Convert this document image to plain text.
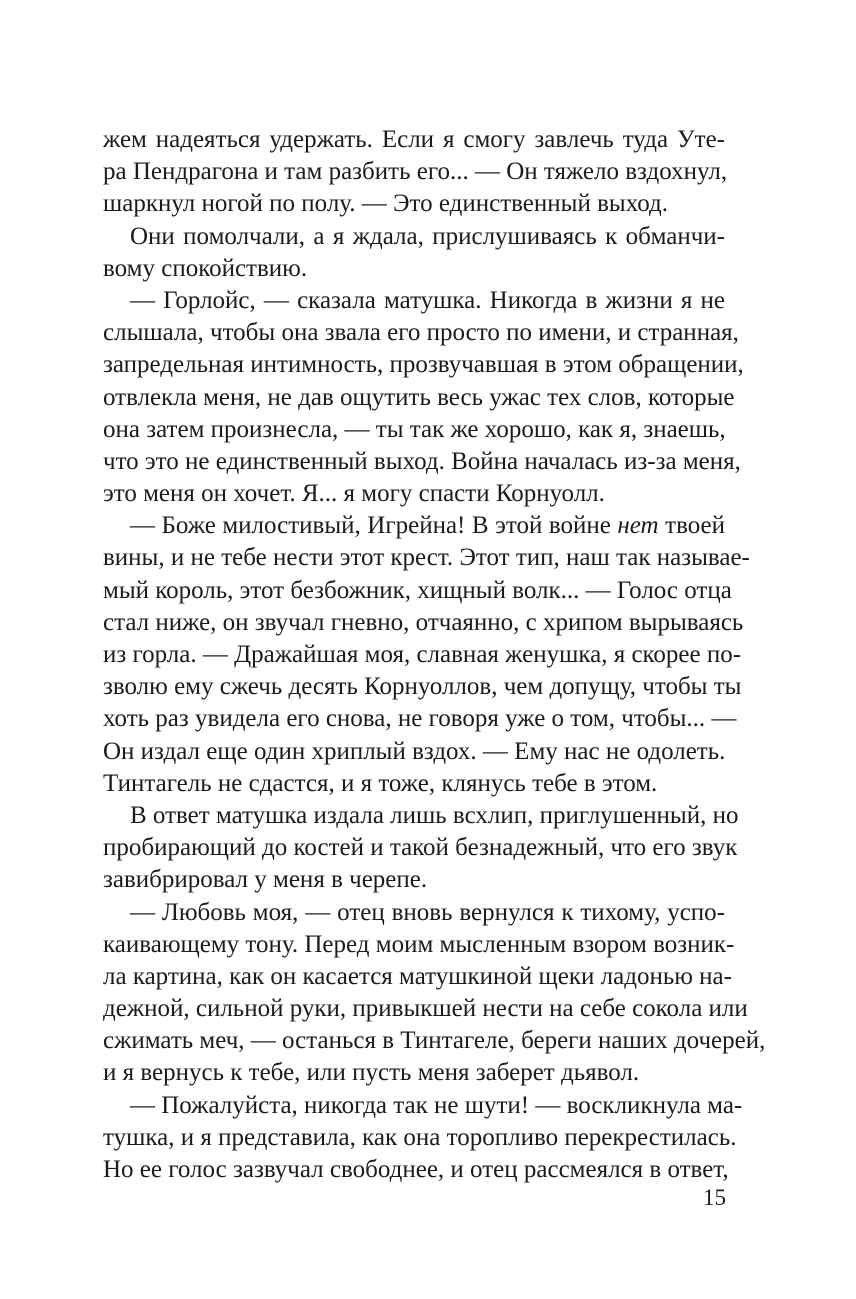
жем надеяться удержать. Если я смогу завлечь туда Уте-
ра Пендрагона и там разбить его... — Он тяжело вздохнул,
шаркнул ногой по полу. — Это единственный выход.
Они помолчали, а я ждала, прислушиваясь к обманчи-
вому спокойствию.
— Горлойс, — сказала матушка. Никогда в жизни я не
слышала, чтобы она звала его просто по имени, и странная,
запредельная интимность, прозвучавшая в этом обращении,
отвлекла меня, не дав ощутить весь ужас тех слов, которые
она затем произнесла, — ты так же хорошо, как я, знаешь,
что это не единственный выход. Война началась из-за меня,
это меня он хочет. Я... я могу спасти Корнуолл.
— Боже милостивый, Игрейна! В этой войне нет твоей
вины, и не тебе нести этот крест. Этот тип, наш так называе-
мый король, этот безбожник, хищный волк... — Голос отца
стал ниже, он звучал гневно, отчаянно, с хрипом вырываясь
из горла. — Дражайшая моя, славная женушка, я скорее по-
зволю ему сжечь десять Корнуоллов, чем допущу, чтобы ты
хоть раз увидела его снова, не говоря уже о том, чтобы... —
Он издал еще один хриплый вздох. — Ему нас не одолеть.
Тинтагель не сдастся, и я тоже, клянусь тебе в этом.
В ответ матушка издала лишь всхлип, приглушенный, но
пробирающий до костей и такой безнадежный, что его звук
завибрировал у меня в черепе.
— Любовь моя, — отец вновь вернулся к тихому, успо-
каивающему тону. Перед моим мысленным взором возник-
ла картина, как он касается матушкиной щеки ладонью на-
дежной, сильной руки, привыкшей нести на себе сокола или
сжимать меч, — останься в Тинтагеле, береги наших дочерей,
и я вернусь к тебе, или пусть меня заберет дьявол.
— Пожалуйста, никогда так не шути! — воскликнула ма-
тушка, и я представила, как она торопливо перекрестилась.
Но ее голос зазвучал свободнее, и отец рассмеялся в ответ,
15
